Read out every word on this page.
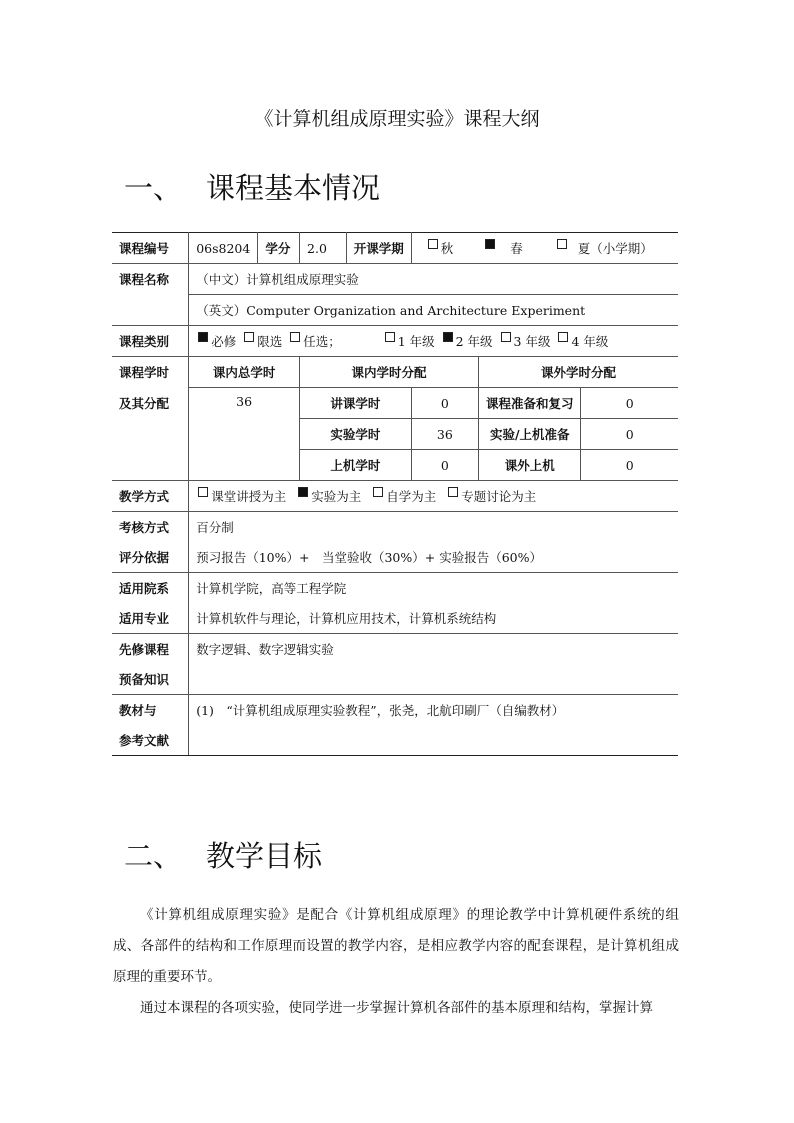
《计算机组成原理实验》课程大纲
一、 课程基本情况
课程编号	06s8204	学分	2.0	开课学期	秋 春 夏（小学期）		
课程名称	（中文）计算机组成原理实验						
	（英文）Computer Organization and Architecture Experiment						
课程类别	必修 限选 任选； 1 年级 2 年级 3 年级 4 年级						
课程学时	课内总学时		课内学时分配			课外学时分配	
及其分配	36		讲课学时		0	课程准备和复习	0
			实验学时		36	实验/上机准备	0
			上机学时		0	课外上机	0
教学方式	课堂讲授为主 实验为主 自学为主 专题讨论为主						
考核方式	百分制						
评分依据	预习报告（10%）+　当堂验收（30%）+ 实验报告（60%）						
适用院系	计算机学院，高等工程学院						
适用专业	计算机软件与理论，计算机应用技术，计算机系统结构						
先修课程	数字逻辑、数字逻辑实验						
预备知识							
教材与	(1)　“计算机组成原理实验教程”，张尧，北航印刷厂（自编教材）						
参考文献							
二、 教学目标
《计算机组成原理实验》是配合《计算机组成原理》的理论教学中计算机硬件系统的组成、各部件的结构和工作原理而设置的教学内容，是相应教学内容的配套课程，是计算机组成原理的重要环节。
通过本课程的各项实验，使同学进一步掌握计算机各部件的基本原理和结构，掌握计算
